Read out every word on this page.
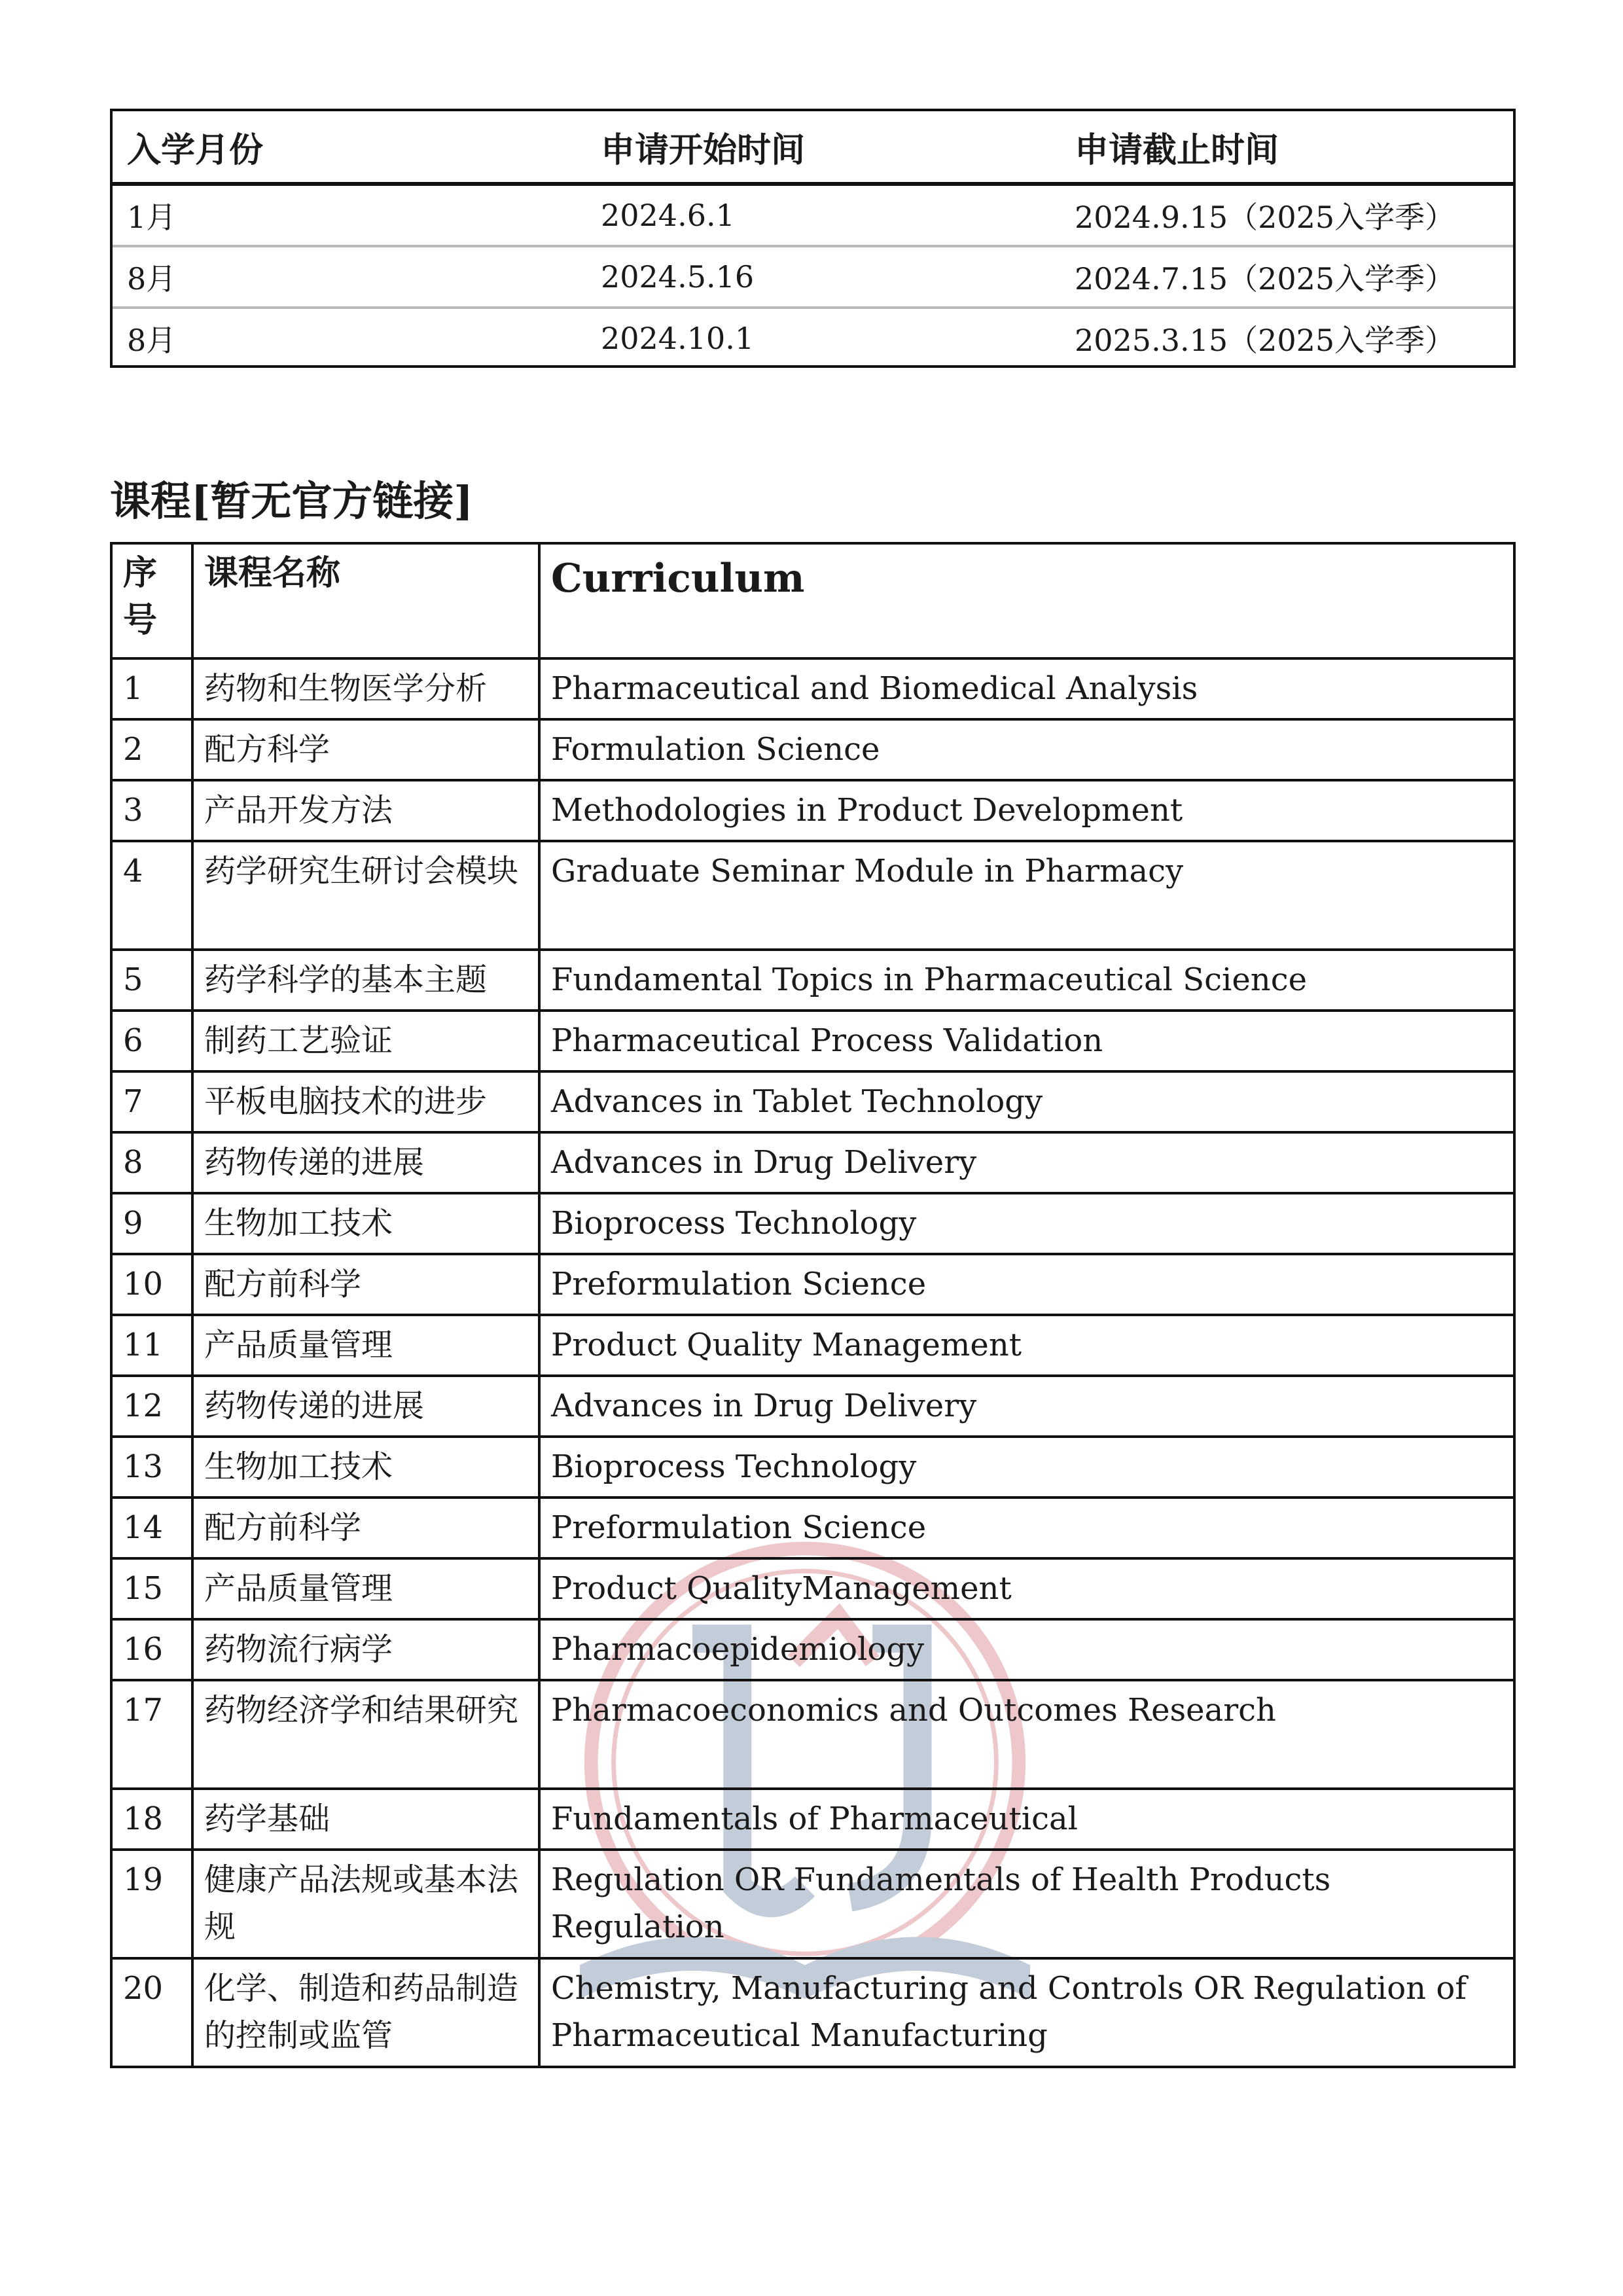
入学月份	申请开始时间	申请截止时间
1月	2024.6.1	2024.9.15（2025入学季）
8月	2024.5.16	2024.7.15（2025入学季）
8月	2024.10.1	2025.3.15（2025入学季）
课程[暂无官方链接]
序号	课程名称	Curriculum
1	药物和生物医学分析	Pharmaceutical and Biomedical Analysis
2	配方科学	Formulation Science
3	产品开发方法	Methodologies in Product Development
4	药学研究生研讨会模块	Graduate Seminar Module in Pharmacy
5	药学科学的基本主题	Fundamental Topics in Pharmaceutical Science
6	制药工艺验证	Pharmaceutical Process Validation
7	平板电脑技术的进步	Advances in Tablet Technology
8	药物传递的进展	Advances in Drug Delivery
9	生物加工技术	Bioprocess Technology
10	配方前科学	Preformulation Science
11	产品质量管理	Product Quality Management
12	药物传递的进展	Advances in Drug Delivery
13	生物加工技术	Bioprocess Technology
14	配方前科学	Preformulation Science
15	产品质量管理	Product QualityManagement
16	药物流行病学	Pharmacoepidemiology
17	药物经济学和结果研究	Pharmacoeconomics and Outcomes Research
18	药学基础	Fundamentals of Pharmaceutical
19	健康产品法规或基本法规	Regulation OR Fundamentals of Health Products Regulation
20	化学、制造和药品制造的控制或监管	Chemistry, Manufacturing and Controls OR Regulation of Pharmaceutical Manufacturing
